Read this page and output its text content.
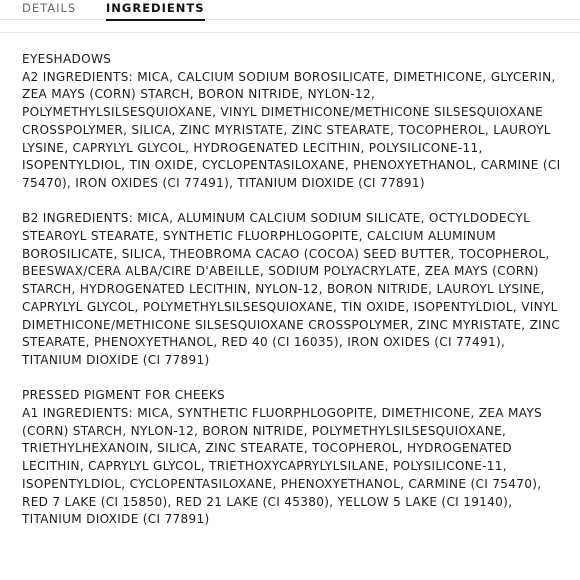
DETAILS	INGREDIENTS
EYESHADOWS
A2 INGREDIENTS: MICA, CALCIUM SODIUM BOROSILICATE, DIMETHICONE, GLYCERIN, ZEA MAYS (CORN) STARCH, BORON NITRIDE, NYLON-12, POLYMETHYLSILSESQUIOXANE, VINYL DIMETHICONE/METHICONE SILSESQUIOXANE CROSSPOLYMER, SILICA, ZINC MYRISTATE, ZINC STEARATE, TOCOPHEROL, LAUROYL LYSINE, CAPRYLYL GLYCOL, HYDROGENATED LECITHIN, POLYSILICONE-11, ISOPENTYLDIOL, TIN OXIDE, CYCLOPENTASILOXANE, PHENOXYETHANOL, CARMINE (CI 75470), IRON OXIDES (CI 77491), TITANIUM DIOXIDE (CI 77891)
B2 INGREDIENTS: MICA, ALUMINUM CALCIUM SODIUM SILICATE, OCTYLDODECYL STEAROYL STEARATE, SYNTHETIC FLUORPHLOGOPITE, CALCIUM ALUMINUM BOROSILICATE, SILICA, THEOBROMA CACAO (COCOA) SEED BUTTER, TOCOPHEROL, BEESWAX/CERA ALBA/CIRE D'ABEILLE, SODIUM POLYACRYLATE, ZEA MAYS (CORN) STARCH, HYDROGENATED LECITHIN, NYLON-12, BORON NITRIDE, LAUROYL LYSINE, CAPRYLYL GLYCOL, POLYMETHYLSILSESQUIOXANE, TIN OXIDE, ISOPENTYLDIOL, VINYL DIMETHICONE/METHICONE SILSESQUIOXANE CROSSPOLYMER, ZINC MYRISTATE, ZINC STEARATE, PHENOXYETHANOL, RED 40 (CI 16035), IRON OXIDES (CI 77491), TITANIUM DIOXIDE (CI 77891)
PRESSED PIGMENT FOR CHEEKS
A1 INGREDIENTS: MICA, SYNTHETIC FLUORPHLOGOPITE, DIMETHICONE, ZEA MAYS (CORN) STARCH, NYLON-12, BORON NITRIDE, POLYMETHYLSILSESQUIOXANE, TRIETHYLHEXANOIN, SILICA, ZINC STEARATE, TOCOPHEROL, HYDROGENATED LECITHIN, CAPRYLYL GLYCOL, TRIETHOXYCAPRYLYLSILANE, POLYSILICONE-11, ISOPENTYLDIOL, CYCLOPENTASILOXANE, PHENOXYETHANOL, CARMINE (CI 75470), RED 7 LAKE (CI 15850), RED 21 LAKE (CI 45380), YELLOW 5 LAKE (CI 19140), TITANIUM DIOXIDE (CI 77891)
